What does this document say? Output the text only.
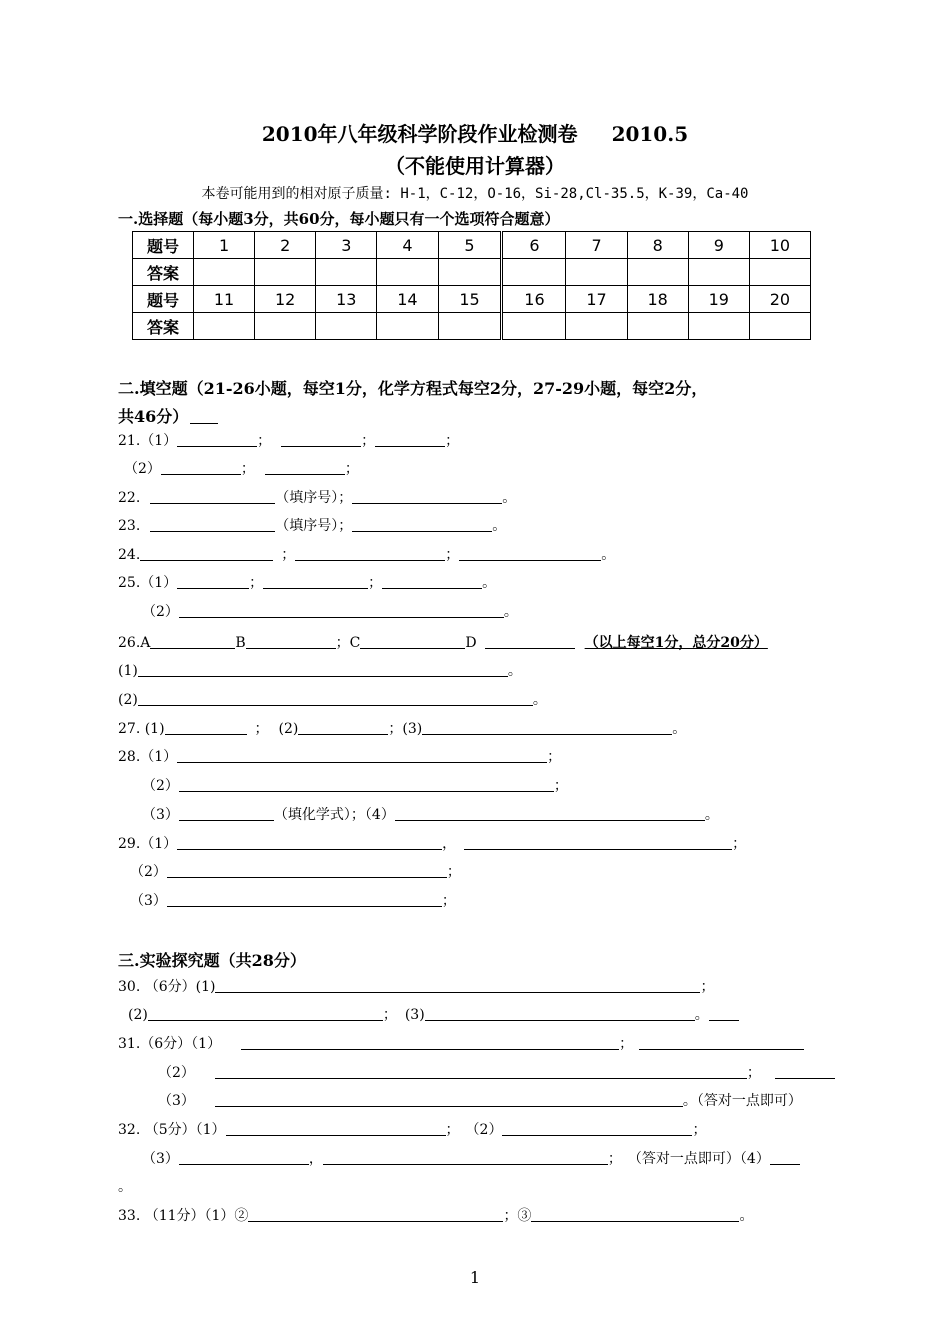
2010年八年级科学阶段作业检测卷 2010.5
（不能使用计算器）
本卷可能用到的相对原子质量: H-1，C-12，O-16，Si-28,Cl-35.5，K-39，Ca-40
一.选择题（每小题3分，共60分，每小题只有一个选项符合题意）
题号	1	2	3	4	5	6	7	8	9	10
答案										
题号	11	12	13	14	15	16	17	18	19	20
答案										
二.填空题（21-26小题，每空1分，化学方程式每空2分，27-29小题，每空2分，
共46分）
21.（1）	；	；	；
（2）	；	；
22.	（填序号）；	。
23.	（填序号）；	。
24.	；	；	。
25.（1）	；	；	。
（2）	。
26.A	B	；C	D	（以上每空1分，总分20分）
(1)	。
(2)	。
27. (1)	； (2)	；(3)	。
28.（1）	；
（2）	；
（3）	（填化学式）；（4）	。
29.（1）	，	；
（2）	；
（3）	；
三.实验探究题（共28分）
30. （6分）(1)	；
(2)	； (3)	。
31.（6分）（1）	；
（2）	；
（3）	。（答对一点即可）
32. （5分）（1）	； （2）	；
（3）	，	； （答对一点即可）（4）
。
33. （11分）（1）②	；③	。
1
